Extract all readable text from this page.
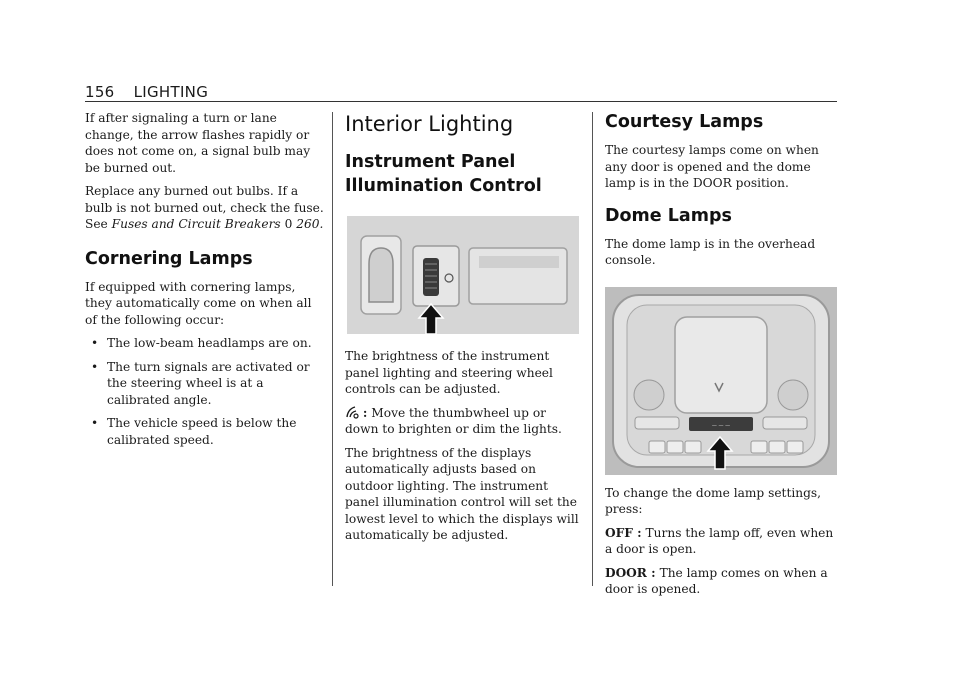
156 LIGHTING

If after signaling a turn or lane change, the arrow flashes rapidly or does not come on, a signal bulb may be burned out.

Replace any burned out bulbs. If a bulb is not burned out, check the fuse. See Fuses and Circuit Breakers 0 260.

Cornering Lamps

If equipped with cornering lamps, they automatically come on when all of the following occur:

• The low-beam headlamps are on.

• The turn signals are activated or the steering wheel is at a calibrated angle.

• The vehicle speed is below the calibrated speed.

Interior Lighting
Instrument Panel
Illumination Control

The brightness of the instrument panel lighting and steering wheel controls can be adjusted.

: Move the thumbwheel up or down to brighten or dim the lights.

The brightness of the displays automatically adjusts based on outdoor lighting. The instrument panel illumination control will set the lowest level to which the displays will automatically be adjusted.

Courtesy Lamps

The courtesy lamps come on when any door is opened and the dome lamp is in the DOOR position.

Dome Lamps

The dome lamp is in the overhead console.

— — —

To change the dome lamp settings, press:

OFF : Turns the lamp off, even when a door is open.

DOOR : The lamp comes on when a door is opened.
